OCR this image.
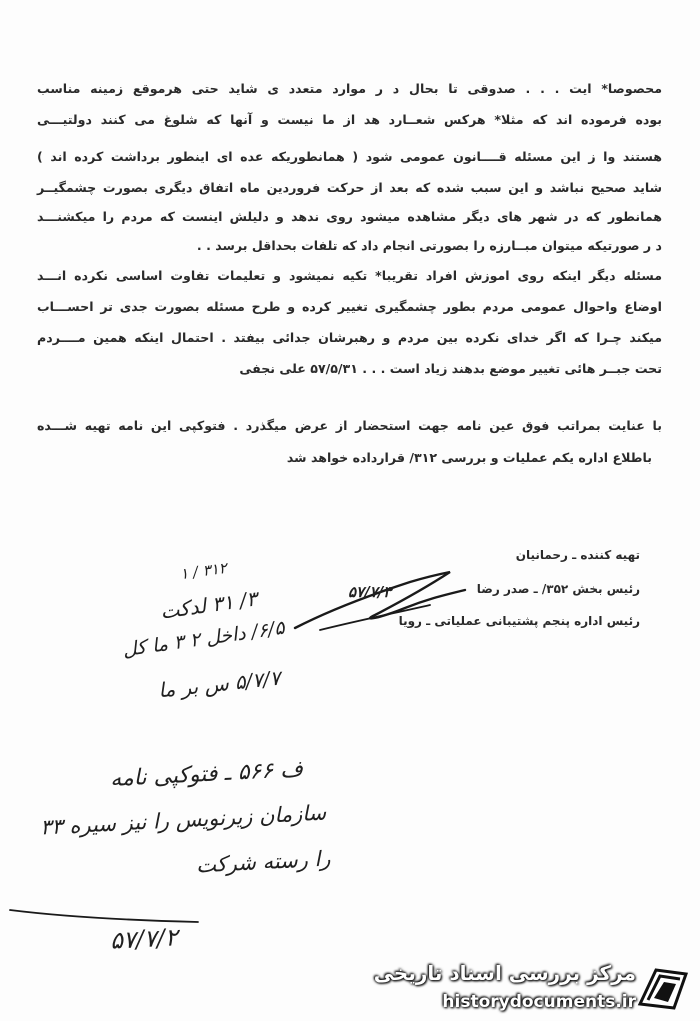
محصوصا* ایت . . . صدوقی تا بحال د ر موارد متعدد ی شاید حتی هرموقع زمینه مناسب
بوده فرموده اند که مثلا* هرکس شعــارد هد از ما نیست و آنها که شلوغ می کنند دولتیـــی
هستند وا ز این مسئله قــــانون عمومی شود ( همانطوریکه عده ای اینطور برداشت کرده اند )
شاید صحیح نباشد و این سبب شده که بعد از حرکت فروردین ماه اتفاق دیگری بصورت چشمگیــر
همانطور که در شهر های دیگر مشاهده میشود روی ندهد و دلیلش اینست که مردم را میکشنـــد
د ر صورتیکه میتوان مبــارزه را بصورتی انجام داد که تلفات بحداقل برسد . .
مسئله دیگر اینکه روی اموزش افراد تقریبا* تکیه نمیشود و تعلیمات تفاوت اساسی نکرده انـــد
اوضاع واحوال عمومی مردم بطور چشمگیری تغییر کرده و طرح مسئله بصورت جدی تر احســـاب
میکند چـرا که اگر خدای نکرده بین مردم و رهبرشان جدائی بیفتد . احتمال اینکه همین مــــردم
تحت جبــر هائی تغییر موضع بدهند زیاد است . . . ۵۷/۵/۳۱ علی نجفی
با عنایت بمراتب فوق عین نامه جهت استحضار از عرض میگذرد . فتوکپی این نامه تهیه شـــده
باطلاع اداره یکم عملیات و بررسی ۳۱۲/ قرارداده خواهد شد
تهیه کننده ـ رحمانیان
رئیس بخش ۳۵۲/ ـ صدر رضا
رئیس اداره پنجم پشتیبانی عملیاتی ـ رویا
۵۷/۷/۳
۳۱۲ / ۱
۳/ ۳۱ لدکت
۶/۵/ داخل ۲ ۳ ما کل
۵/۷/۷ س بر ما
ف ۵۶۶ ـ فتوکپی نامه
سازمان زیرنویس را نیز سیره ۳۳
را رسته شرکت
۵۷/۷/۲
مرکز بررسی اسناد تاریخی
historydocuments.ir
